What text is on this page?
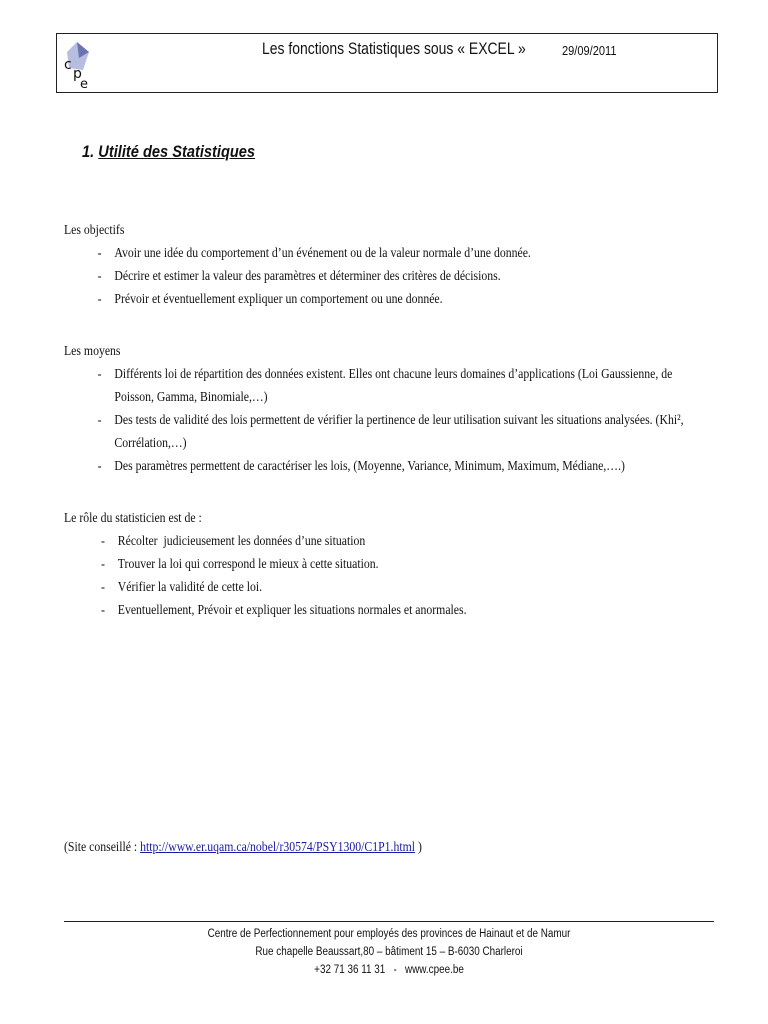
c
p
e
Les fonctions Statistiques sous « EXCEL »	29/09/2011
1. Utilité des Statistiques
Les objectifs
- Avoir une idée du comportement d’un événement ou de la valeur normale d’une donnée.
- Décrire et estimer la valeur des paramètres et déterminer des critères de décisions.
- Prévoir et éventuellement expliquer un comportement ou une donnée.
Les moyens
- Différents loi de répartition des données existent. Elles ont chacune leurs domaines d’applications (Loi Gaussienne, de Poisson, Gamma, Binomiale,…)
- Des tests de validité des lois permettent de vérifier la pertinence de leur utilisation suivant les situations analysées. (Khi², Corrélation,…)
- Des paramètres permettent de caractériser les lois, (Moyenne, Variance, Minimum, Maximum, Médiane,….)
Le rôle du statisticien est de :
- Récolter  judicieusement les données d’une situation
- Trouver la loi qui correspond le mieux à cette situation.
- Vérifier la validité de cette loi.
- Eventuellement, Prévoir et expliquer les situations normales et anormales.
(Site conseillé : http://www.er.uqam.ca/nobel/r30574/PSY1300/C1P1.html )
Centre de Perfectionnement pour employés des provinces de Hainaut et de Namur
Rue chapelle Beaussart,80 – bâtiment 15 – B-6030 Charleroi
+32 71 36 11 31   -   www.cpee.be
